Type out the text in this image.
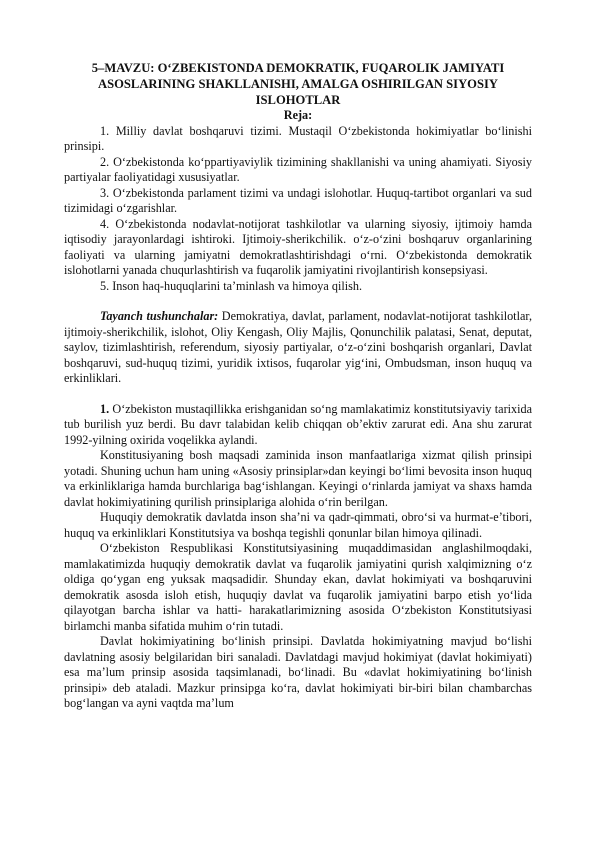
5–MAVZU: O‘ZBEKISTONDA DEMOKRATIK, FUQAROLIK JAMIYATI ASOSLARINING SHAKLLANISHI, AMALGA OSHIRILGAN SIYOSIY ISLOHOTLAR
Reja:

1. Milliy davlat boshqaruvi tizimi. Mustaqil O‘zbekistonda hokimiyatlar bo‘linishi prinsipi.

2. O‘zbekistonda ko‘ppartiyaviylik tizimining shakllanishi va uning ahamiyati. Siyosiy partiyalar faoliyatidagi xususiyatlar.

3. O‘zbekistonda parlament tizimi va undagi islohotlar. Huquq-tartibot organlari va sud tizimidagi o‘zgarishlar.

4. O‘zbekistonda nodavlat-notijorat tashkilotlar va ularning siyosiy, ijtimoiy hamda iqtisodiy jarayonlardagi ishtiroki. Ijtimoiy-sherikchilik. o‘z-o‘zini boshqaruv organlarining faoliyati va ularning jamiyatni demokratlashtirishdagi o‘rni. O‘zbekistonda demokratik islohotlarni yanada chuqurlashtirish va fuqarolik jamiyatini rivojlantirish konsepsiyasi.

5. Inson haq-huquqlarini ta’minlash va himoya qilish.

Tayanch tushunchalar: Demokratiya, davlat, parlament, nodavlat-notijorat tashkilotlar, ijtimoiy-sherikchilik, islohot, Oliy Kengash, Oliy Majlis, Qonunchilik palatasi, Senat, deputat, saylov, tizimlashtirish, referendum, siyosiy partiyalar, o‘z-o‘zini boshqarish organlari, Davlat boshqaruvi, sud-huquq tizimi, yuridik ixtisos, fuqarolar yig‘ini, Ombudsman, inson huquq va erkinliklari.

1. O‘zbekiston mustaqillikka erishganidan so‘ng mamlakatimiz konstitutsiyaviy tarixida tub burilish yuz berdi. Bu davr talabidan kelib chiqqan ob’ektiv zarurat edi. Ana shu zarurat 1992-yilning oxirida voqelikka aylandi.

Konstitusiyaning bosh maqsadi zaminida inson manfaatlariga xizmat qilish prinsipi yotadi. Shuning uchun ham uning «Asosiy prinsiplar»dan keyingi bo‘limi bevosita inson huquq va erkinliklariga hamda burchlariga bag‘ishlangan. Keyingi o‘rinlarda jamiyat va shaxs hamda davlat hokimiyatining qurilish prinsiplariga alohida o‘rin berilgan.

Huquqiy demokratik davlatda inson sha’ni va qadr-qimmati, obro‘si va hurmat-e’tibori, huquq va erkinliklari Konstitutsiya va boshqa tegishli qonunlar bilan himoya qilinadi.

O‘zbekiston Respublikasi Konstitutsiyasining muqaddimasidan anglashilmoqdaki, mamlakatimizda huquqiy demokratik davlat va fuqarolik jamiyatini qurish xalqimizning o‘z oldiga qo‘ygan eng yuksak maqsadidir. Shunday ekan, davlat hokimiyati va boshqaruvini demokratik asosda isloh etish, huquqiy davlat va fuqarolik jamiyatini barpo etish yo‘lida qilayotgan barcha ishlar va hatti- harakatlarimizning asosida O‘zbekiston Konstitutsiyasi birlamchi manba sifatida muhim o‘rin tutadi.

Davlat hokimiyatining bo‘linish prinsipi. Davlatda hokimiyatning mavjud bo‘lishi davlatning asosiy belgilaridan biri sanaladi. Davlatdagi mavjud hokimiyat (davlat hokimiyati) esa ma’lum prinsip asosida taqsimlanadi, bo‘linadi. Bu «davlat hokimiyatining bo‘linish prinsipi» deb ataladi. Mazkur prinsipga ko‘ra, davlat hokimiyati bir-biri bilan chambarchas bog‘langan va ayni vaqtda ma’lum
